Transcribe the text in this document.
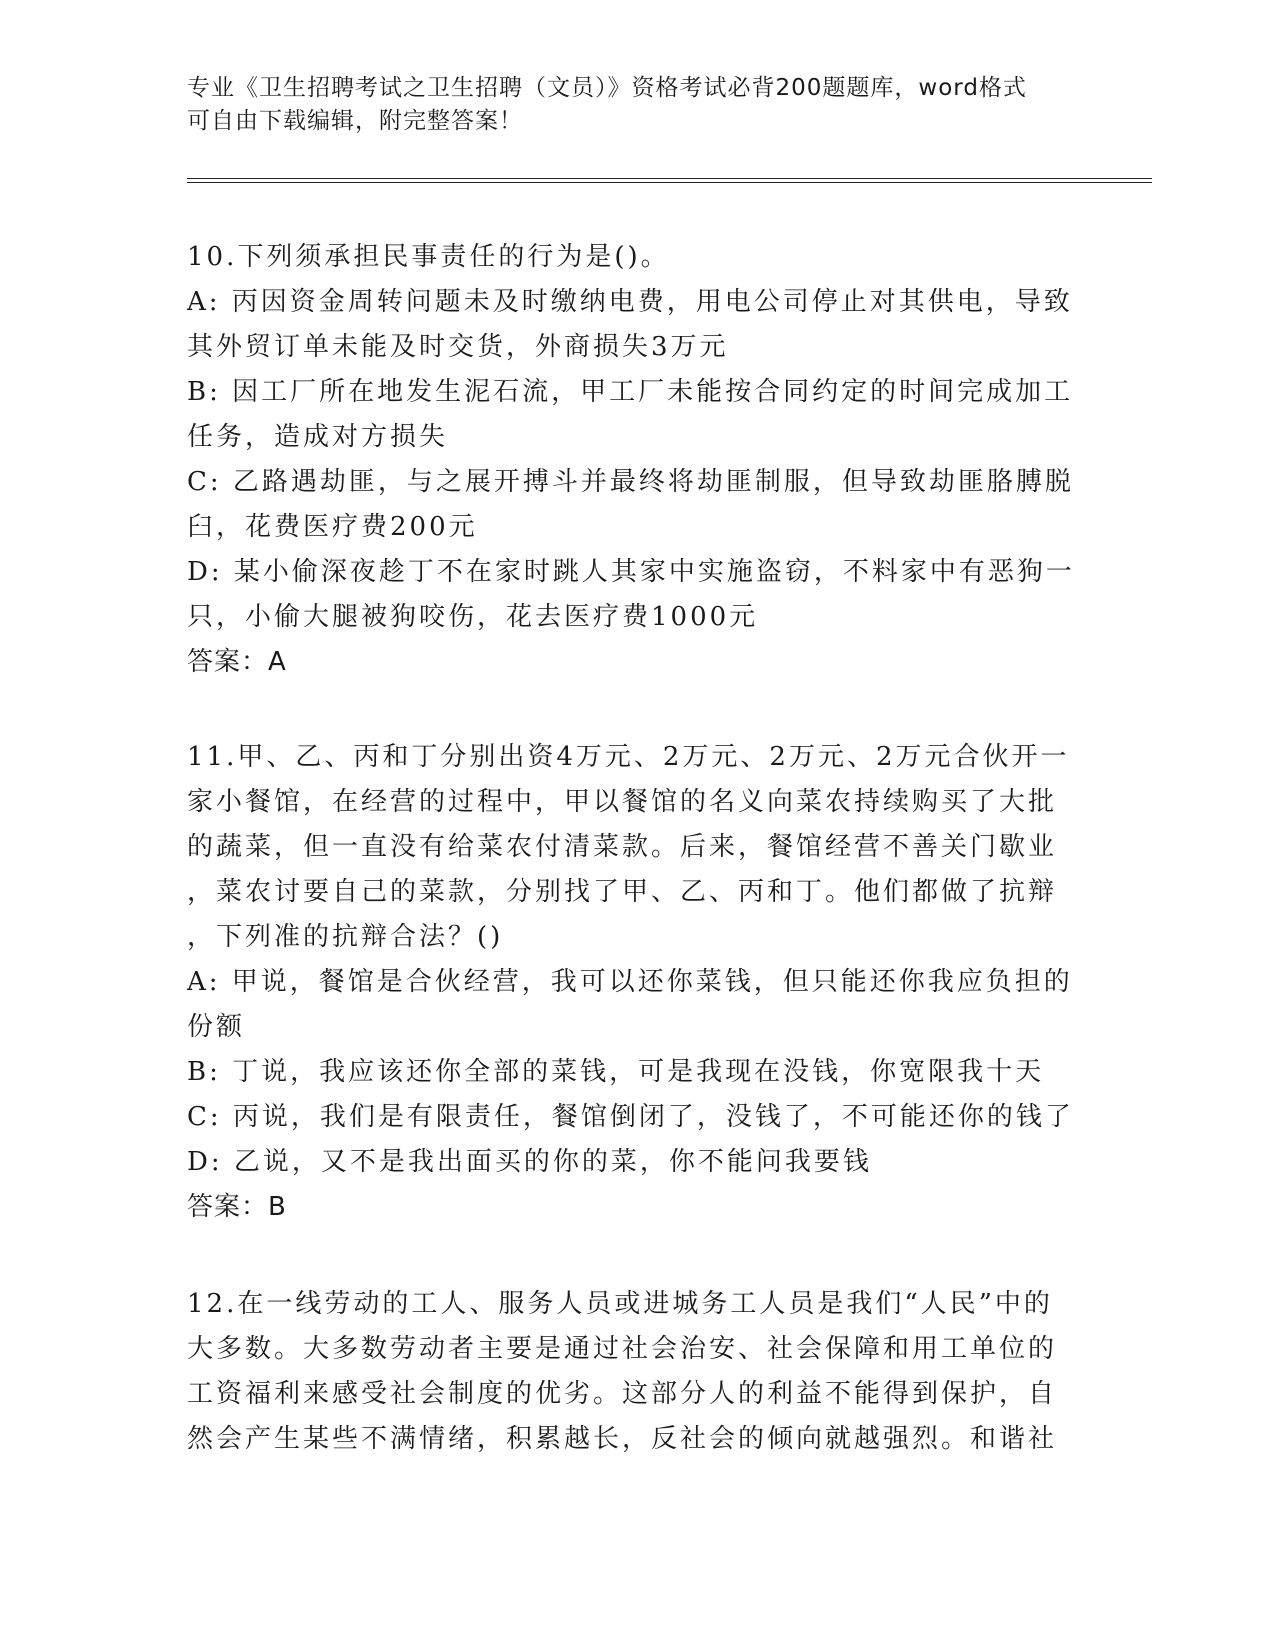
专业《卫生招聘考试之卫生招聘（文员）》资格考试必背200题题库，word格式
可自由下载编辑，附完整答案！

10.下列须承担民事责任的行为是()。

A: 丙因资金周转问题未及时缴纳电费，用电公司停止对其供电，导致

其外贸订单未能及时交货，外商损失3万元

B: 因工厂所在地发生泥石流，甲工厂未能按合同约定的时间完成加工

任务，造成对方损失

C: 乙路遇劫匪，与之展开搏斗并最终将劫匪制服，但导致劫匪胳膊脱

臼，花费医疗费200元

D: 某小偷深夜趁丁不在家时跳人其家中实施盗窃，不料家中有恶狗一

只，小偷大腿被狗咬伤，花去医疗费1000元

答案：A

11.甲、乙、丙和丁分别出资4万元、2万元、2万元、2万元合伙开一

家小餐馆，在经营的过程中，甲以餐馆的名义向菜农持续购买了大批

的蔬菜，但一直没有给菜农付清菜款。后来，餐馆经营不善关门歇业

，菜农讨要自己的菜款，分别找了甲、乙、丙和丁。他们都做了抗辩

，下列准的抗辩合法？()

A: 甲说，餐馆是合伙经营，我可以还你菜钱，但只能还你我应负担的

份额

B: 丁说，我应该还你全部的菜钱，可是我现在没钱，你宽限我十天

C: 丙说，我们是有限责任，餐馆倒闭了，没钱了，不可能还你的钱了

D: 乙说，又不是我出面买的你的菜，你不能问我要钱

答案：B

12.在一线劳动的工人、服务人员或进城务工人员是我们“人民”中的

大多数。大多数劳动者主要是通过社会治安、社会保障和用工单位的

工资福利来感受社会制度的优劣。这部分人的利益不能得到保护，自

然会产生某些不满情绪，积累越长，反社会的倾向就越强烈。和谐社
